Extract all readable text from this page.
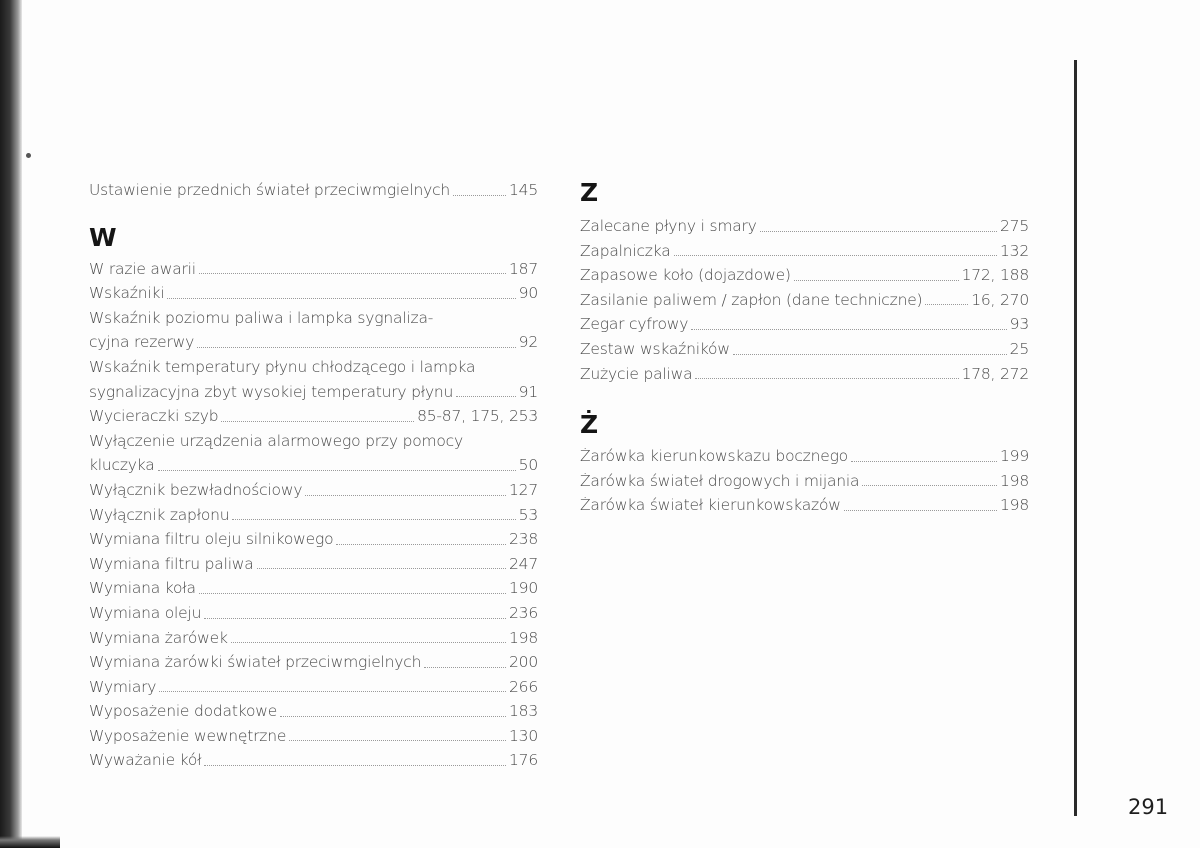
Ustawienie przednich świateł przeciwmgielnych	145
W
W razie awarii	187
Wskaźniki	90
Wskaźnik poziomu paliwa i lampka sygnaliza-
cyjna rezerwy	92
Wskaźnik temperatury płynu chłodzącego i lampka
sygnalizacyjna zbyt wysokiej temperatury płynu	91
Wycieraczki szyb	85-87, 175, 253
Wyłączenie urządzenia alarmowego przy pomocy
kluczyka	50
Wyłącznik bezwładnościowy	127
Wyłącznik zapłonu	53
Wymiana filtru oleju silnikowego	238
Wymiana filtru paliwa	247
Wymiana koła	190
Wymiana oleju	236
Wymiana żarówek	198
Wymiana żarówki świateł przeciwmgielnych	200
Wymiary	266
Wyposażenie dodatkowe	183
Wyposażenie wewnętrzne	130
Wyważanie kół	176
Z
Zalecane płyny i smary	275
Zapalniczka	132
Zapasowe koło (dojazdowe)	172, 188
Zasilanie paliwem / zapłon (dane techniczne)	16, 270
Zegar cyfrowy	93
Zestaw wskaźników	25
Zużycie paliwa	178, 272
Ż
Żarówka kierunkowskazu bocznego	199
Żarówka świateł drogowych i mijania	198
Żarówka świateł kierunkowskazów	198
291
